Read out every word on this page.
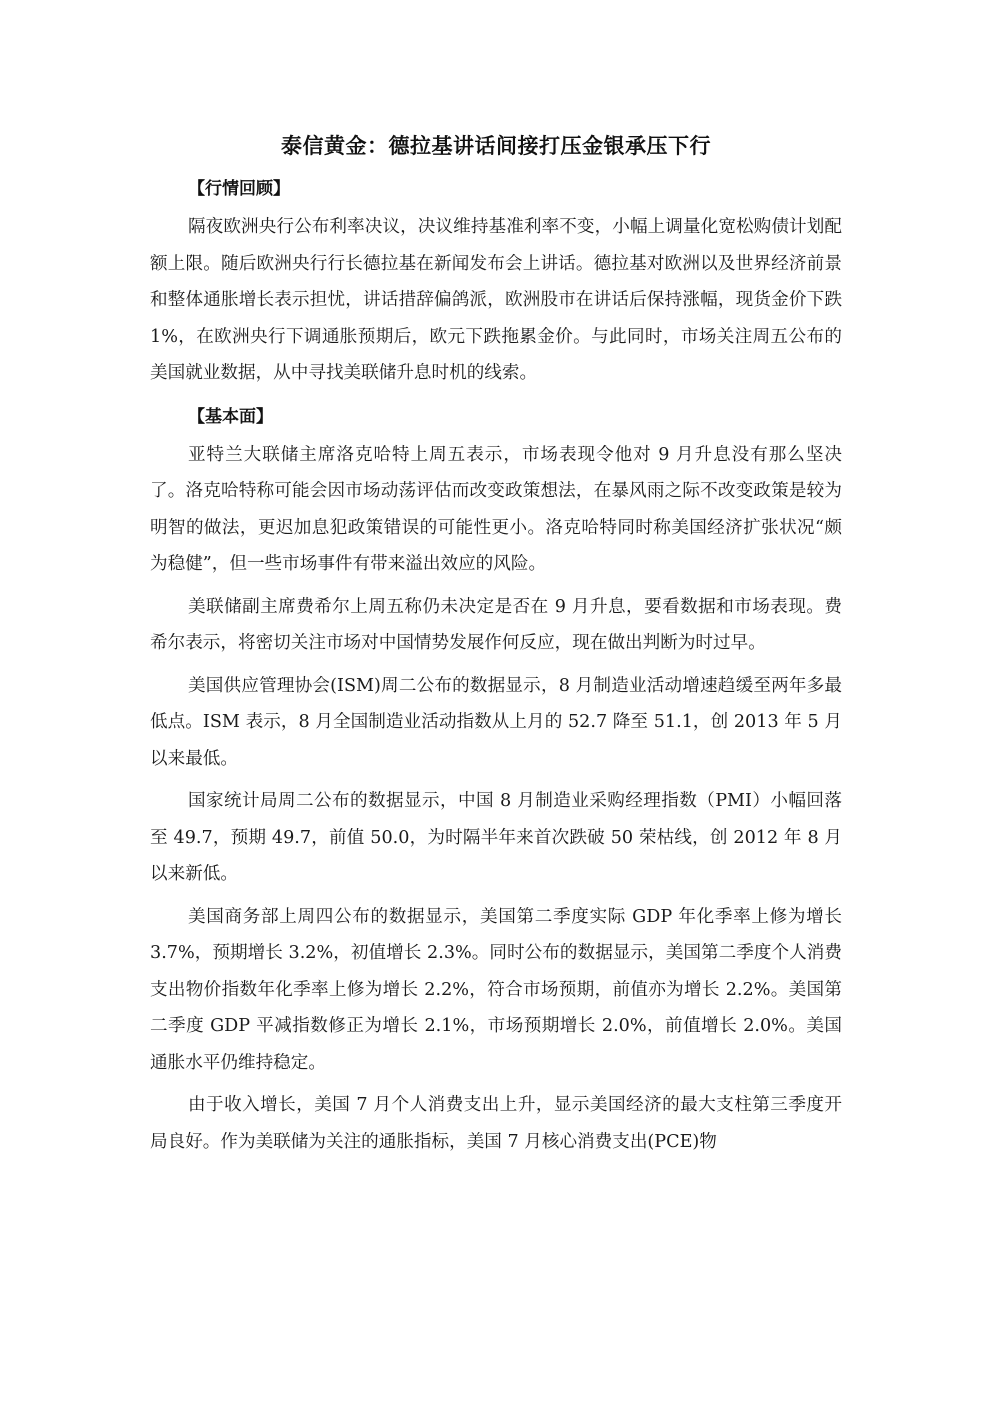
泰信黄金：德拉基讲话间接打压金银承压下行

【行情回顾】

隔夜欧洲央行公布利率决议，决议维持基准利率不变，小幅上调量化宽松购债计划配额上限。随后欧洲央行行长德拉基在新闻发布会上讲话。德拉基对欧洲以及世界经济前景和整体通胀增长表示担忧，讲话措辞偏鸽派，欧洲股市在讲话后保持涨幅，现货金价下跌 1%，在欧洲央行下调通胀预期后，欧元下跌拖累金价。与此同时，市场关注周五公布的美国就业数据，从中寻找美联储升息时机的线索。

【基本面】

亚特兰大联储主席洛克哈特上周五表示，市场表现令他对 9 月升息没有那么坚决了。洛克哈特称可能会因市场动荡评估而改变政策想法，在暴风雨之际不改变政策是较为明智的做法，更迟加息犯政策错误的可能性更小。洛克哈特同时称美国经济扩张状况“颇为稳健”，但一些市场事件有带来溢出效应的风险。

美联储副主席费希尔上周五称仍未决定是否在 9 月升息，要看数据和市场表现。费希尔表示，将密切关注市场对中国情势发展作何反应，现在做出判断为时过早。

美国供应管理协会(ISM)周二公布的数据显示，8 月制造业活动增速趋缓至两年多最低点。ISM 表示，8 月全国制造业活动指数从上月的 52.7 降至 51.1，创 2013 年 5 月以来最低。

国家统计局周二公布的数据显示，中国 8 月制造业采购经理指数（PMI）小幅回落至 49.7，预期 49.7，前值 50.0，为时隔半年来首次跌破 50 荣枯线，创 2012 年 8 月以来新低。

美国商务部上周四公布的数据显示，美国第二季度实际 GDP 年化季率上修为增长 3.7%，预期增长 3.2%，初值增长 2.3%。同时公布的数据显示，美国第二季度个人消费支出物价指数年化季率上修为增长 2.2%，符合市场预期，前值亦为增长 2.2%。美国第二季度 GDP 平减指数修正为增长 2.1%，市场预期增长 2.0%，前值增长 2.0%。美国通胀水平仍维持稳定。

由于收入增长，美国 7 月个人消费支出上升，显示美国经济的最大支柱第三季度开局良好。作为美联储为关注的通胀指标，美国 7 月核心消费支出(PCE)物
